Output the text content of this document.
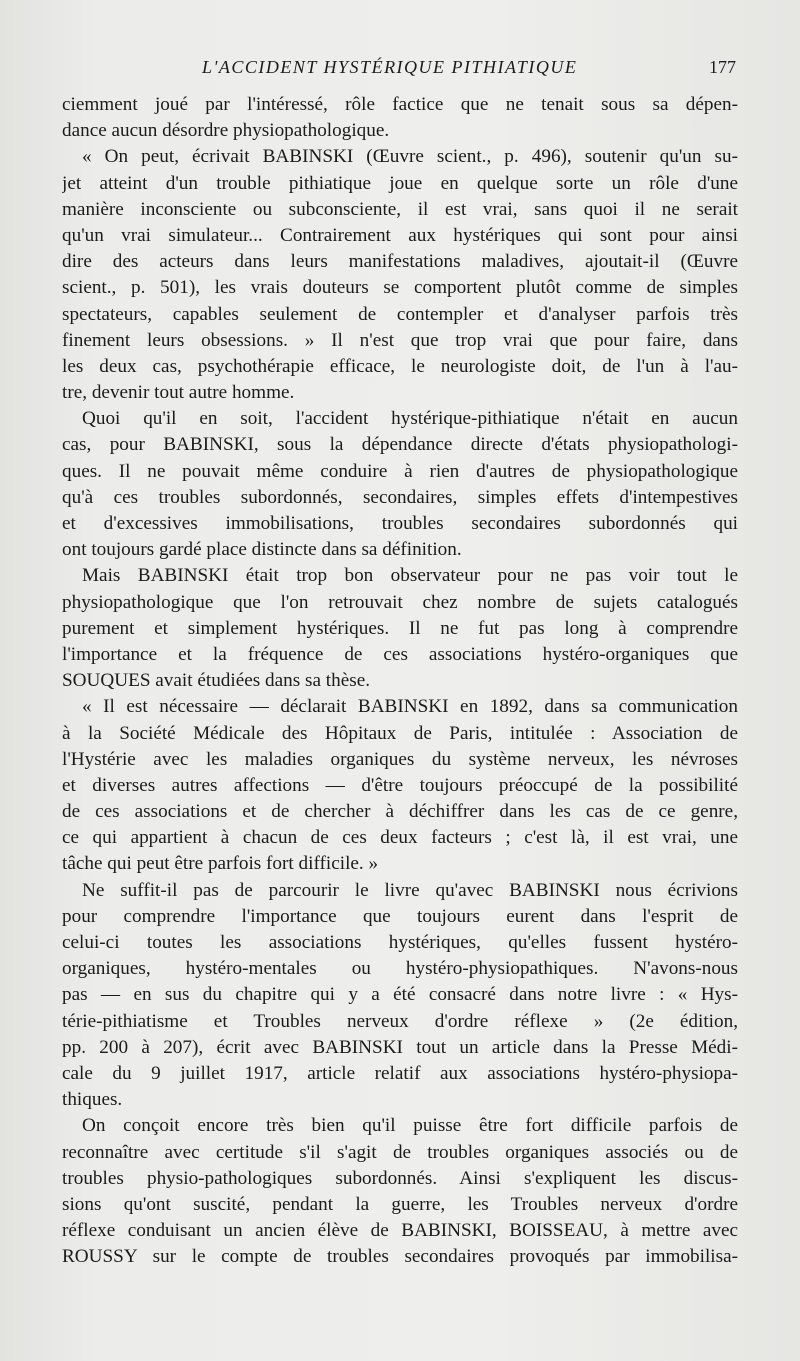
L'ACCIDENT HYSTÉRIQUE PITHIATIQUE	177
ciemment joué par l'intéressé, rôle factice que ne tenait sous sa dépen-
dance aucun désordre physiopathologique.
« On peut, écrivait BABINSKI (Œuvre scient., p. 496), soutenir qu'un su-
jet atteint d'un trouble pithiatique joue en quelque sorte un rôle d'une
manière inconsciente ou subconsciente, il est vrai, sans quoi il ne serait
qu'un vrai simulateur... Contrairement aux hystériques qui sont pour ainsi
dire des acteurs dans leurs manifestations maladives, ajoutait-il (Œuvre
scient., p. 501), les vrais douteurs se comportent plutôt comme de simples
spectateurs, capables seulement de contempler et d'analyser parfois très
finement leurs obsessions. » Il n'est que trop vrai que pour faire, dans
les deux cas, psychothérapie efficace, le neurologiste doit, de l'un à l'au-
tre, devenir tout autre homme.
Quoi qu'il en soit, l'accident hystérique-pithiatique n'était en aucun
cas, pour BABINSKI, sous la dépendance directe d'états physiopathologi-
ques. Il ne pouvait même conduire à rien d'autres de physiopathologique
qu'à ces troubles subordonnés, secondaires, simples effets d'intempestives
et d'excessives immobilisations, troubles secondaires subordonnés qui
ont toujours gardé place distincte dans sa définition.
Mais BABINSKI était trop bon observateur pour ne pas voir tout le
physiopathologique que l'on retrouvait chez nombre de sujets catalogués
purement et simplement hystériques. Il ne fut pas long à comprendre
l'importance et la fréquence de ces associations hystéro-organiques que
SOUQUES avait étudiées dans sa thèse.
« Il est nécessaire — déclarait BABINSKI en 1892, dans sa communication
à la Société Médicale des Hôpitaux de Paris, intitulée : Association de
l'Hystérie avec les maladies organiques du système nerveux, les névroses
et diverses autres affections — d'être toujours préoccupé de la possibilité
de ces associations et de chercher à déchiffrer dans les cas de ce genre,
ce qui appartient à chacun de ces deux facteurs ; c'est là, il est vrai, une
tâche qui peut être parfois fort difficile. »
Ne suffit-il pas de parcourir le livre qu'avec BABINSKI nous écrivions
pour comprendre l'importance que toujours eurent dans l'esprit de
celui-ci toutes les associations hystériques, qu'elles fussent hystéro-
organiques, hystéro-mentales ou hystéro-physiopathiques. N'avons-nous
pas — en sus du chapitre qui y a été consacré dans notre livre : « Hys-
térie-pithiatisme et Troubles nerveux d'ordre réflexe » (2e édition,
pp. 200 à 207), écrit avec BABINSKI tout un article dans la Presse Médi-
cale du 9 juillet 1917, article relatif aux associations hystéro-physiopa-
thiques.
On conçoit encore très bien qu'il puisse être fort difficile parfois de
reconnaître avec certitude s'il s'agit de troubles organiques associés ou de
troubles physio-pathologiques subordonnés. Ainsi s'expliquent les discus-
sions qu'ont suscité, pendant la guerre, les Troubles nerveux d'ordre
réflexe conduisant un ancien élève de BABINSKI, BOISSEAU, à mettre avec
ROUSSY sur le compte de troubles secondaires provoqués par immobilisa-
